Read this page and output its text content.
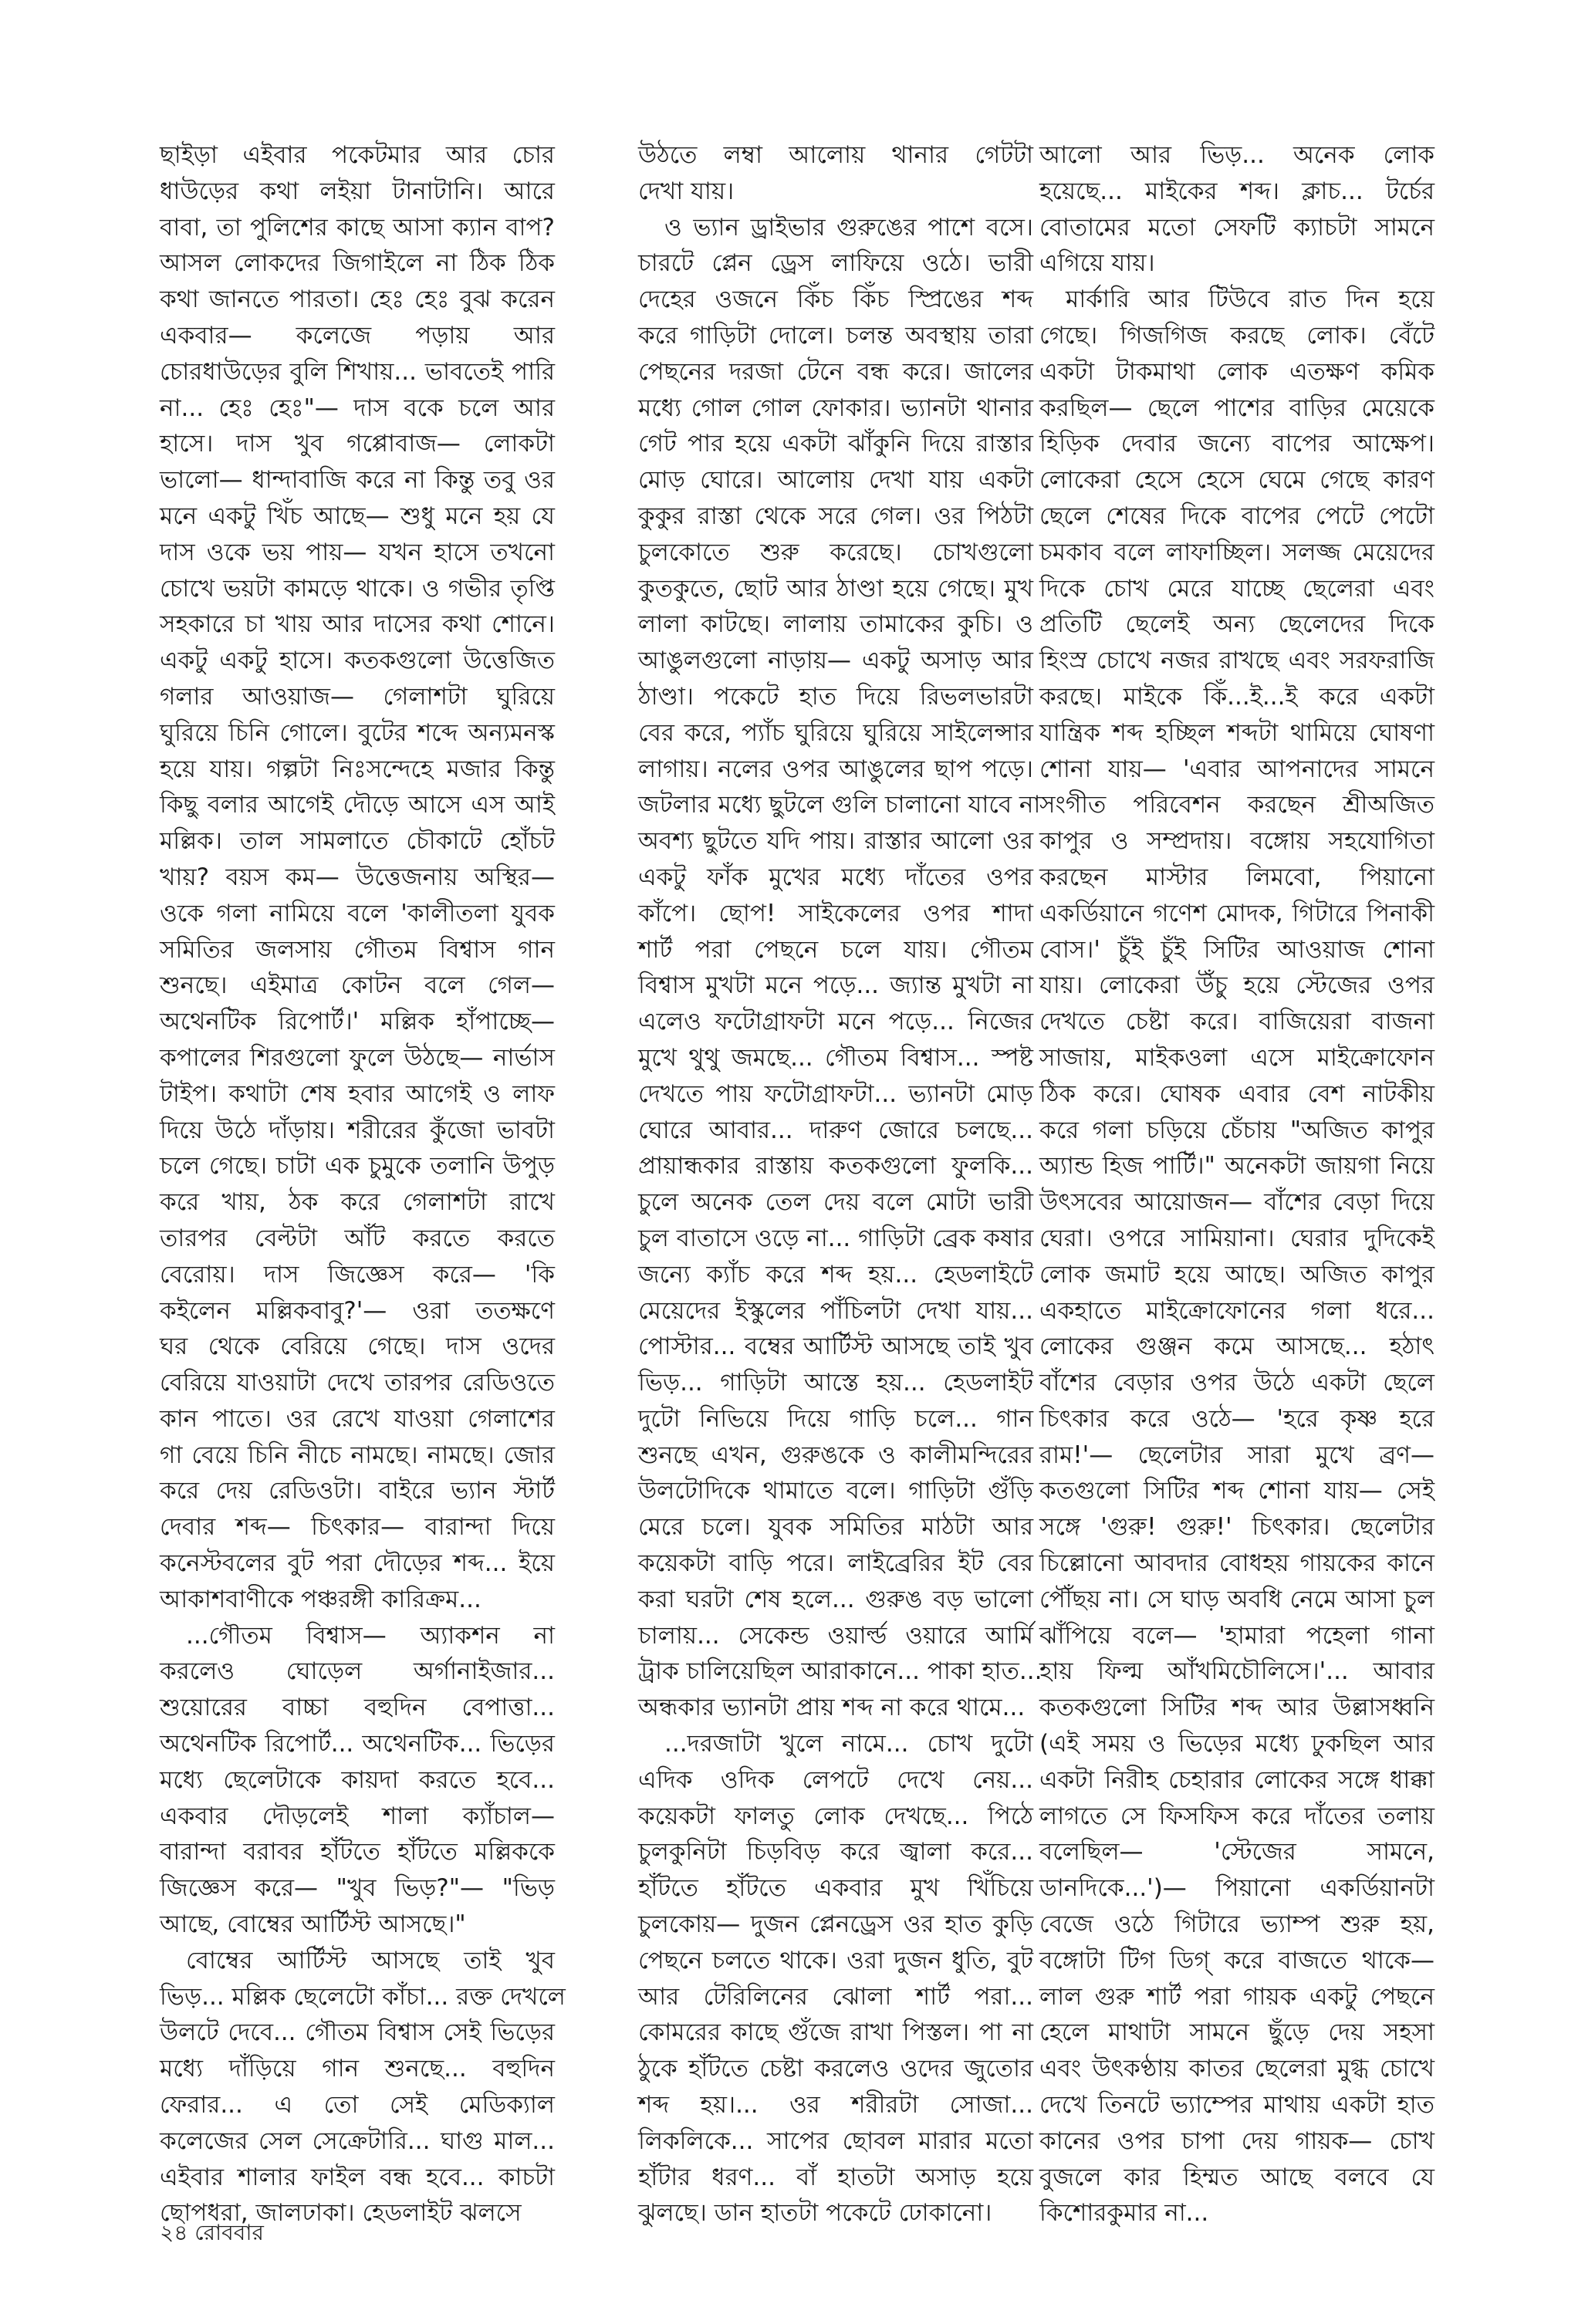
ছাইড়া এইবার পকেটমার আর চোর
ধাউড়ের কথা লইয়া টানাটানি। আরে
বাবা, তা পুলিশের কাছে আসা ক্যান বাপ?
আসল লোকদের জিগাইলে না ঠিক ঠিক
কথা জানতে পারতা। হেঃ হেঃ বুঝ করেন
একবার— কলেজে পড়ায় আর
চোরধাউড়ের বুলি শিখায়... ভাবতেই পারি
না... হেঃ হেঃ"— দাস বকে চলে আর
হাসে। দাস খুব গপ্পোবাজ— লোকটা
ভালো— ধান্দাবাজি করে না কিন্তু তবু ওর
মনে একটু খিঁচ আছে— শুধু মনে হয় যে
দাস ওকে ভয় পায়— যখন হাসে তখনো
চোখে ভয়টা কামড়ে থাকে। ও গভীর তৃপ্তি
সহকারে চা খায় আর দাসের কথা শোনে।
একটু একটু হাসে। কতকগুলো উত্তেজিত
গলার আওয়াজ— গেলাশটা ঘুরিয়ে
ঘুরিয়ে চিনি গোলে। বুটের শব্দে অন্যমনস্ক
হয়ে যায়। গল্পটা নিঃসন্দেহে মজার কিন্তু
কিছু বলার আগেই দৌড়ে আসে এস আই
মল্লিক। তাল সামলাতে চৌকাটে হোঁচট
খায়? বয়স কম— উত্তেজনায় অস্থির—
ওকে গলা নামিয়ে বলে 'কালীতলা যুবক
সমিতির জলসায় গৌতম বিশ্বাস গান
শুনছে। এইমাত্র কোটন বলে গেল—
অথেনটিক রিপোর্ট।' মল্লিক হাঁপাচ্ছে—
কপালের শিরগুলো ফুলে উঠছে— নার্ভাস
টাইপ। কথাটা শেষ হবার আগেই ও লাফ
দিয়ে উঠে দাঁড়ায়। শরীরের কুঁজো ভাবটা
চলে গেছে। চাটা এক চুমুকে তলানি উপুড়
করে খায়, ঠক করে গেলাশটা রাখে
তারপর বেল্টটা আঁট করতে করতে
বেরোয়। দাস জিজ্ঞেস করে— 'কি
কইলেন মল্লিকবাবু?'— ওরা ততক্ষণে
ঘর থেকে বেরিয়ে গেছে। দাস ওদের
বেরিয়ে যাওয়াটা দেখে তারপর রেডিওতে
কান পাতে। ওর রেখে যাওয়া গেলাশের
গা বেয়ে চিনি নীচে নামছে। নামছে। জোর
করে দেয় রেডিওটা। বাইরে ভ্যান স্টার্ট
দেবার শব্দ— চিৎকার— বারান্দা দিয়ে
কনেস্টবলের বুট পরা দৌড়ের শব্দ... ইয়ে
আকাশবাণীকে পঞ্চরঙ্গী কারিক্রম...
...গৌতম বিশ্বাস— অ্যাকশন না
করলেও ঘোড়েল অর্গানাইজার...
শুয়োরের বাচ্চা বহুদিন বেপাত্তা...
অথেনটিক রিপোর্ট... অথেনটিক... ভিড়ের
মধ্যে ছেলেটাকে কায়দা করতে হবে...
একবার দৌড়লেই শালা ক্যাঁচাল—
বারান্দা বরাবর হাঁটতে হাঁটতে মল্লিককে
জিজ্ঞেস করে— "খুব ভিড়?"— "ভিড়
আছে, বোম্বের আর্টিস্ট আসছে।"
বোম্বের আর্টিস্ট আসছে তাই খুব
ভিড়... মল্লিক ছেলেটো কাঁচা... রক্ত দেখলে
উলটে দেবে... গৌতম বিশ্বাস সেই ভিড়ের
মধ্যে দাঁড়িয়ে গান শুনছে... বহুদিন
ফেরার... এ তো সেই মেডিক্যাল
কলেজের সেল সেক্রেটারি... ঘাগু মাল...
এইবার শালার ফাইল বন্ধ হবে... কাচটা
ছোপধরা, জালঢাকা। হেডলাইট ঝলসে
উঠতে লম্বা আলোয় থানার গেটটা
দেখা যায়।
ও ভ্যান ড্রাইভার গুরুঙের পাশে বসে।
চারটে প্লেন ড্রেস লাফিয়ে ওঠে। ভারী
দেহের ওজনে কিঁচ কিঁচ স্প্রিঙের শব্দ
করে গাড়িটা দোলে। চলন্ত অবস্থায় তারা
পেছনের দরজা টেনে বন্ধ করে। জালের
মধ্যে গোল গোল ফোকার। ভ্যানটা থানার
গেট পার হয়ে একটা ঝাঁকুনি দিয়ে রাস্তার
মোড় ঘোরে। আলোয় দেখা যায় একটা
কুকুর রাস্তা থেকে সরে গেল। ওর পিঠটা
চুলকোতে শুরু করেছে। চোখগুলো
কুতকুতে, ছোট আর ঠাণ্ডা হয়ে গেছে। মুখ
লালা কাটছে। লালায় তামাকের কুচি। ও
আঙুলগুলো নাড়ায়— একটু অসাড় আর
ঠাণ্ডা। পকেটে হাত দিয়ে রিভলভারটা
বের করে, প্যাঁচ ঘুরিয়ে ঘুরিয়ে সাইলেন্সার
লাগায়। নলের ওপর আঙুলের ছাপ পড়ে।
জটলার মধ্যে ছুটলে গুলি চালানো যাবে না
অবশ্য ছুটতে যদি পায়। রাস্তার আলো ওর
একটু ফাঁক মুখের মধ্যে দাঁতের ওপর
কাঁপে। ছোপ! সাইকেলের ওপর শাদা
শার্ট পরা পেছনে চলে যায়। গৌতম
বিশ্বাস মুখটা মনে পড়ে... জ্যান্ত মুখটা না
এলেও ফটোগ্রাফটা মনে পড়ে... নিজের
মুখে থুথু জমছে... গৌতম বিশ্বাস... স্পষ্ট
দেখতে পায় ফটোগ্রাফটা... ভ্যানটা মোড়
ঘোরে আবার... দারুণ জোরে চলছে...
প্রায়ান্ধকার রাস্তায় কতকগুলো ফুলকি...
চুলে অনেক তেল দেয় বলে মোটা ভারী
চুল বাতাসে ওড়ে না... গাড়িটা ব্রেক কষার
জন্যে ক্যাঁচ করে শব্দ হয়... হেডলাইটে
মেয়েদের ইস্কুলের পাঁচিলটা দেখা যায়...
পোস্টার... বম্বের আর্টিস্ট আসছে তাই খুব
ভিড়... গাড়িটা আস্তে হয়... হেডলাইট
দুটো নিভিয়ে দিয়ে গাড়ি চলে... গান
শুনছে এখন, গুরুঙকে ও কালীমন্দিরের
উলটোদিকে থামাতে বলে। গাড়িটা গুঁড়ি
মেরে চলে। যুবক সমিতির মাঠটা আর
কয়েকটা বাড়ি পরে। লাইব্রেরির ইট বের
করা ঘরটা শেষ হলে... গুরুঙ বড় ভালো
চালায়... সেকেন্ড ওয়ার্ল্ড ওয়ারে আর্মি
ট্রাক চালিয়েছিল আরাকানে... পাকা হাত...
অন্ধকার ভ্যানটা প্রায় শব্দ না করে থামে...
...দরজাটা খুলে নামে... চোখ দুটো
এদিক ওদিক লেপটে দেখে নেয়...
কয়েকটা ফালতু লোক দেখছে... পিঠে
চুলকুনিটা চিড়বিড় করে জ্বালা করে...
হাঁটতে হাঁটতে একবার মুখ খিঁচিয়ে
চুলকোয়— দুজন প্লেনড্রেস ওর হাত কুড়ি
পেছনে চলতে থাকে। ওরা দুজন ধুতি, বুট
আর টেরিলিনের ঝোলা শার্ট পরা...
কোমরের কাছে গুঁজে রাখা পিস্তল। পা না
ঠুকে হাঁটতে চেষ্টা করলেও ওদের জুতোর
শব্দ হয়।... ওর শরীরটা সোজা...
লিকলিকে... সাপের ছোবল মারার মতো
হাঁটার ধরণ... বাঁ হাতটা অসাড় হয়ে
ঝুলছে। ডান হাতটা পকেটে ঢোকানো।
আলো আর ভিড়... অনেক লোক
হয়েছে... মাইকের শব্দ। ক্লাচ... টর্চের
বোতামের মতো সেফটি ক্যাচটা সামনে
এগিয়ে যায়।
মার্কারি আর টিউবে রাত দিন হয়ে
গেছে। গিজগিজ করছে লোক। বেঁটে
একটা টাকমাথা লোক এতক্ষণ কমিক
করছিল— ছেলে পাশের বাড়ির মেয়েকে
হিড়িক দেবার জন্যে বাপের আক্ষেপ।
লোকেরা হেসে হেসে ঘেমে গেছে কারণ
ছেলে শেষের দিকে বাপের পেটে পেটো
চমকাব বলে লাফাচ্ছিল। সলজ্জ মেয়েদের
দিকে চোখ মেরে যাচ্ছে ছেলেরা এবং
প্রতিটি ছেলেই অন্য ছেলেদের দিকে
হিংস্র চোখে নজর রাখছে এবং সরফরাজি
করছে। মাইকে কিঁ...ই...ই করে একটা
যান্ত্রিক শব্দ হচ্ছিল শব্দটা থামিয়ে ঘোষণা
শোনা যায়— 'এবার আপনাদের সামনে
সংগীত পরিবেশন করছেন শ্রীঅজিত
কাপুর ও সম্প্রদায়। বঙ্গোয় সহযোগিতা
করছেন মাস্টার লিমবো, পিয়ানো
একর্ডিয়ানে গণেশ মোদক, গিটারে পিনাকী
বোস।' চুঁই চুঁই সিটির আওয়াজ শোনা
যায়। লোকেরা উঁচু হয়ে স্টেজের ওপর
দেখতে চেষ্টা করে। বাজিয়েরা বাজনা
সাজায়, মাইকওলা এসে মাইক্রোফোন
ঠিক করে। ঘোষক এবার বেশ নাটকীয়
করে গলা চড়িয়ে চেঁচায় "অজিত কাপুর
অ্যান্ড হিজ পার্টি।" অনেকটা জায়গা নিয়ে
উৎসবের আয়োজন— বাঁশের বেড়া দিয়ে
ঘেরা। ওপরে সামিয়ানা। ঘেরার দুদিকেই
লোক জমাট হয়ে আছে। অজিত কাপুর
একহাতে মাইক্রোফোনের গলা ধরে...
লোকের গুঞ্জন কমে আসছে... হঠাৎ
বাঁশের বেড়ার ওপর উঠে একটা ছেলে
চিৎকার করে ওঠে— 'হরে কৃষ্ণ হরে
রাম!'— ছেলেটার সারা মুখে ব্রণ—
কতগুলো সিটির শব্দ শোনা যায়— সেই
সঙ্গে 'গুরু! গুরু!' চিৎকার। ছেলেটার
চিল্লোনো আবদার বোধহয় গায়কের কানে
পৌঁছয় না। সে ঘাড় অবধি নেমে আসা চুল
ঝাঁপিয়ে বলে— 'হামারা পহেলা গানা
হায় ফিল্ম আঁখমিচৌলিসে।'... আবার
কতকগুলো সিটির শব্দ আর উল্লাসধ্বনি
(এই সময় ও ভিড়ের মধ্যে ঢুকছিল আর
একটা নিরীহ চেহারার লোকের সঙ্গে ধাক্কা
লাগতে সে ফিসফিস করে দাঁতের তলায়
বলেছিল— 'স্টেজের সামনে,
ডানদিকে...')— পিয়ানো একর্ডিয়ানটা
বেজে ওঠে গিটারে ভ্যাম্প শুরু হয়,
বঙ্গোটা টিগ ডিগ্ করে বাজতে থাকে—
লাল গুরু শার্ট পরা গায়ক একটু পেছনে
হেলে মাথাটা সামনে ছুঁড়ে দেয় সহসা
এবং উৎকণ্ঠায় কাতর ছেলেরা মুগ্ধ চোখে
দেখে তিনটে ভ্যাম্পের মাথায় একটা হাত
কানের ওপর চাপা দেয় গায়ক— চোখ
বুজলে কার হিম্মত আছে বলবে যে
কিশোরকুমার না...
২৪ রোববার
